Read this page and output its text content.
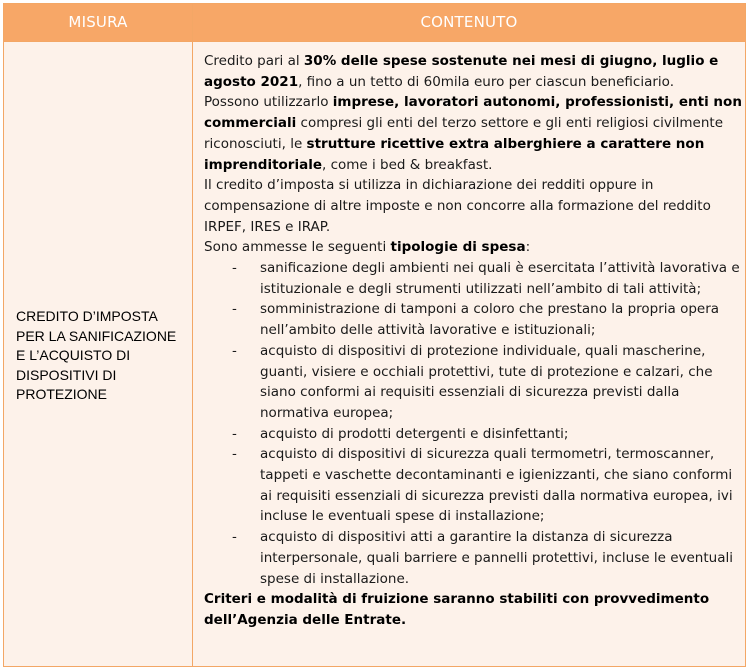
MISURA	CONTENUTO
CREDITO D’IMPOSTA
PER LA SANIFICAZIONE
E L’ACQUISTO DI
DISPOSITIVI DI
PROTEZIONE

Credito pari al 30% delle spese sostenute nei mesi di giugno, luglio e agosto 2021, fino a un tetto di 60mila euro per ciascun beneficiario.

Possono utilizzarlo imprese, lavoratori autonomi, professionisti, enti non commerciali compresi gli enti del terzo settore e gli enti religiosi civilmente riconosciuti, le strutture ricettive extra alberghiere a carattere non imprenditoriale, come i bed & breakfast.

Il credito d’imposta si utilizza in dichiarazione dei redditi oppure in compensazione di altre imposte e non concorre alla formazione del reddito IRPEF, IRES e IRAP.

Sono ammesse le seguenti tipologie di spesa:

- sanificazione degli ambienti nei quali è esercitata l’attività lavorativa e istituzionale e degli strumenti utilizzati nell’ambito di tali attività;
- somministrazione di tamponi a coloro che prestano la propria opera nell’ambito delle attività lavorative e istituzionali;
- acquisto di dispositivi di protezione individuale, quali mascherine, guanti, visiere e occhiali protettivi, tute di protezione e calzari, che siano conformi ai requisiti essenziali di sicurezza previsti dalla normativa europea;
- acquisto di prodotti detergenti e disinfettanti;
- acquisto di dispositivi di sicurezza quali termometri, termoscanner, tappeti e vaschette decontaminanti e igienizzanti, che siano conformi ai requisiti essenziali di sicurezza previsti dalla normativa europea, ivi incluse le eventuali spese di installazione;
- acquisto di dispositivi atti a garantire la distanza di sicurezza interpersonale, quali barriere e pannelli protettivi, incluse le eventuali spese di installazione.

Criteri e modalità di fruizione saranno stabiliti con provvedimento dell’Agenzia delle Entrate.
